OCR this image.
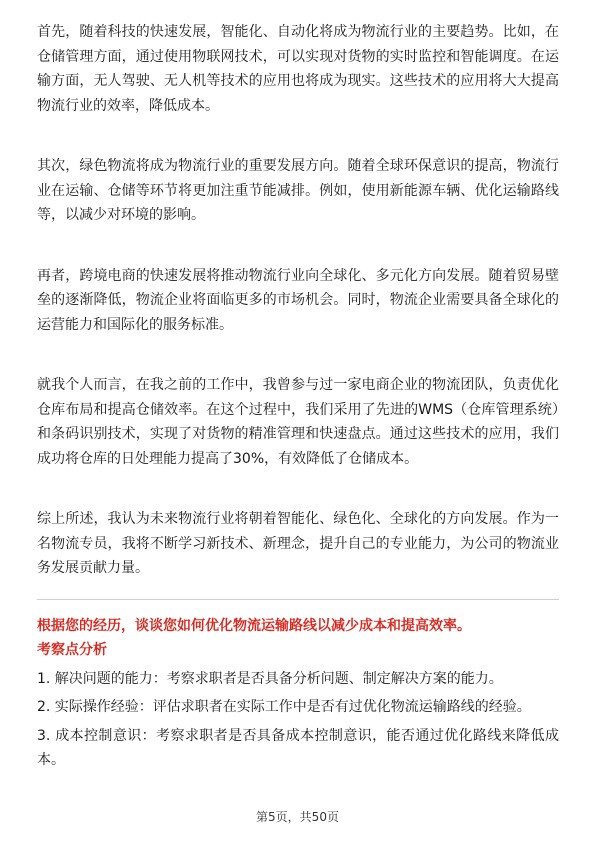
首先，随着科技的快速发展，智能化、自动化将成为物流行业的主要趋势。比如，在仓储管理方面，通过使用物联网技术，可以实现对货物的实时监控和智能调度。在运输方面，无人驾驶、无人机等技术的应用也将成为现实。这些技术的应用将大大提高物流行业的效率，降低成本。

其次，绿色物流将成为物流行业的重要发展方向。随着全球环保意识的提高，物流行业在运输、仓储等环节将更加注重节能减排。例如，使用新能源车辆、优化运输路线等，以减少对环境的影响。

再者，跨境电商的快速发展将推动物流行业向全球化、多元化方向发展。随着贸易壁垒的逐渐降低，物流企业将面临更多的市场机会。同时，物流企业需要具备全球化的运营能力和国际化的服务标准。

就我个人而言，在我之前的工作中，我曾参与过一家电商企业的物流团队，负责优化仓库布局和提高仓储效率。在这个过程中，我们采用了先进的WMS（仓库管理系统）和条码识别技术，实现了对货物的精准管理和快速盘点。通过这些技术的应用，我们成功将仓库的日处理能力提高了30%，有效降低了仓储成本。

综上所述，我认为未来物流行业将朝着智能化、绿色化、全球化的方向发展。作为一名物流专员，我将不断学习新技术、新理念，提升自己的专业能力，为公司的物流业务发展贡献力量。

根据您的经历，谈谈您如何优化物流运输路线以减少成本和提高效率。

考察点分析

1. 解决问题的能力：考察求职者是否具备分析问题、制定解决方案的能力。

2. 实际操作经验：评估求职者在实际工作中是否有过优化物流运输路线的经验。

3. 成本控制意识：考察求职者是否具备成本控制意识，能否通过优化路线来降低成本。

第5页，共50页
